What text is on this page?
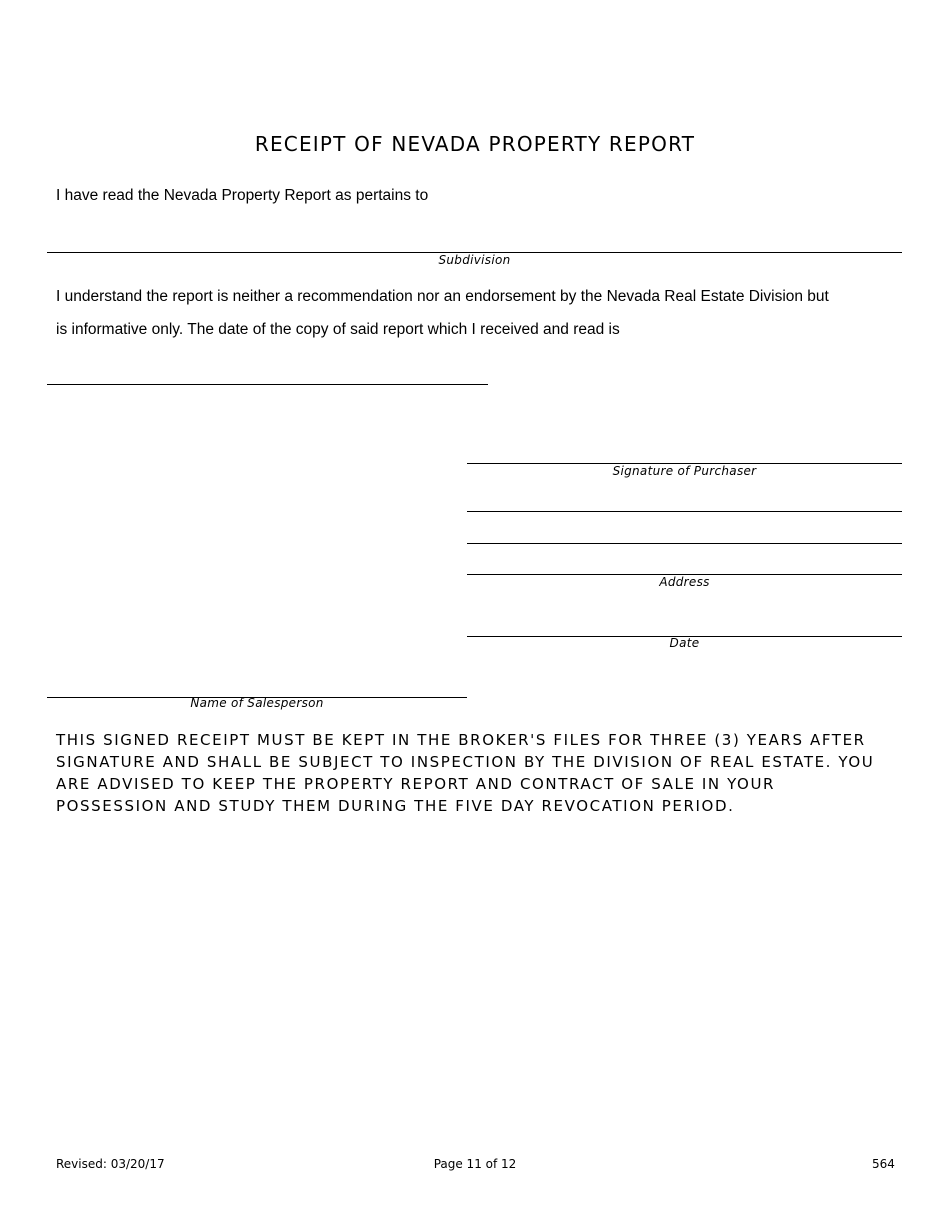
RECEIPT OF NEVADA PROPERTY REPORT
I have read the Nevada Property Report as pertains to
Subdivision
I understand the report is neither a recommendation nor an endorsement by the Nevada Real Estate Division but
is informative only. The date of the copy of said report which I received and read is
Signature of Purchaser
Address
Date
Name of Salesperson
THIS SIGNED RECEIPT MUST BE KEPT IN THE BROKER'S FILES FOR THREE (3) YEARS AFTER
SIGNATURE AND SHALL BE SUBJECT TO INSPECTION BY THE DIVISION OF REAL ESTATE. YOU
ARE ADVISED TO KEEP THE PROPERTY REPORT AND CONTRACT OF SALE IN YOUR
POSSESSION AND STUDY THEM DURING THE FIVE DAY REVOCATION PERIOD.
Revised: 03/20/17	Page 11 of 12	564
